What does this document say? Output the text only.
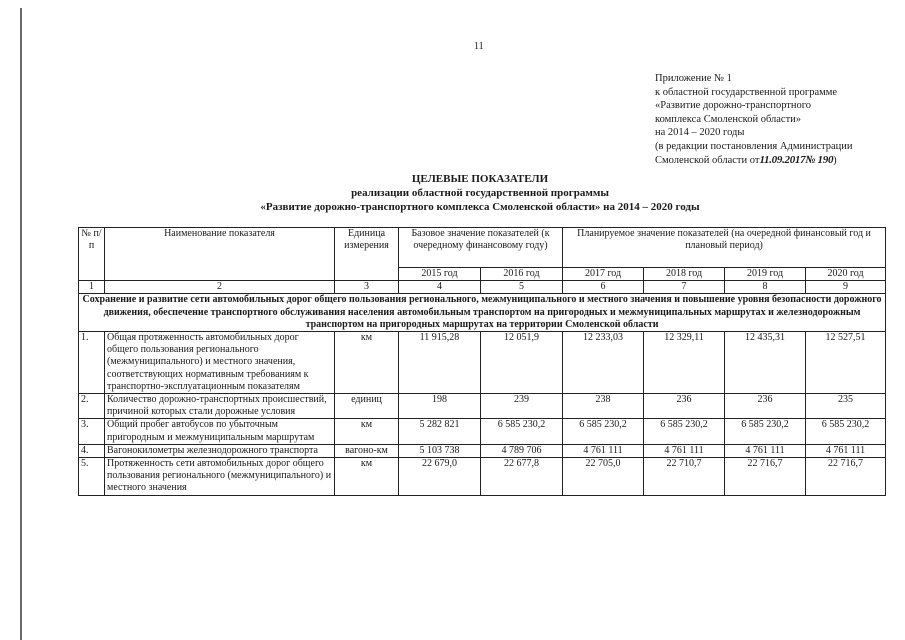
11
Приложение № 1
к областной государственной программе
«Развитие дорожно-транспортного
комплекса Смоленской области»
на 2014 – 2020 годы
(в редакции постановления Администрации
Смоленской области от11.09.2017№ 190)
ЦЕЛЕВЫЕ ПОКАЗАТЕЛИ
реализации областной государственной программы
«Развитие дорожно-транспортного комплекса Смоленской области» на 2014 – 2020 годы
№ п/п	Наименование показателя	Единица измерения	Базовое значение показателей (к очередному финансовому году)		Планируемое значение показателей (на очередной финансовый год и плановый период)			
			2015 год	2016 год	2017 год	2018 год	2019 год	2020 год
1	2	3	4	5	6	7	8	9
Сохранение и развитие сети автомобильных дорог общего пользования регионального, межмуниципального и местного значения и повышение уровня безопасности дорожного движения, обеспечение транспортного обслуживания населения автомобильным транспортом на пригородных и межмуниципальных маршрутах и железнодорожным транспортом на пригородных маршрутах на территории Смоленской области								
1.	Общая протяженность автомобильных дорог общего пользования регионального (межмуниципального) и местного значения, соответствующих нормативным требованиям к транспортно-эксплуатационным показателям	км	11 915,28	12 051,9	12 233,03	12 329,11	12 435,31	12 527,51
2.	Количество дорожно-транспортных происшествий, причиной которых стали дорожные условия	единиц	198	239	238	236	236	235
3.	Общий пробег автобусов по убыточным пригородным и межмуниципальным маршрутам	км	5 282 821	6 585 230,2	6 585 230,2	6 585 230,2	6 585 230,2	6 585 230,2
4.	Вагонокилометры железнодорожного транспорта	вагоно-км	5 103 738	4 789 706	4 761 111	4 761 111	4 761 111	4 761 111
5.	Протяженность сети автомобильных дорог общего пользования регионального (межмуниципального) и местного значения	км	22 679,0	22 677,8	22 705,0	22 710,7	22 716,7	22 716,7
